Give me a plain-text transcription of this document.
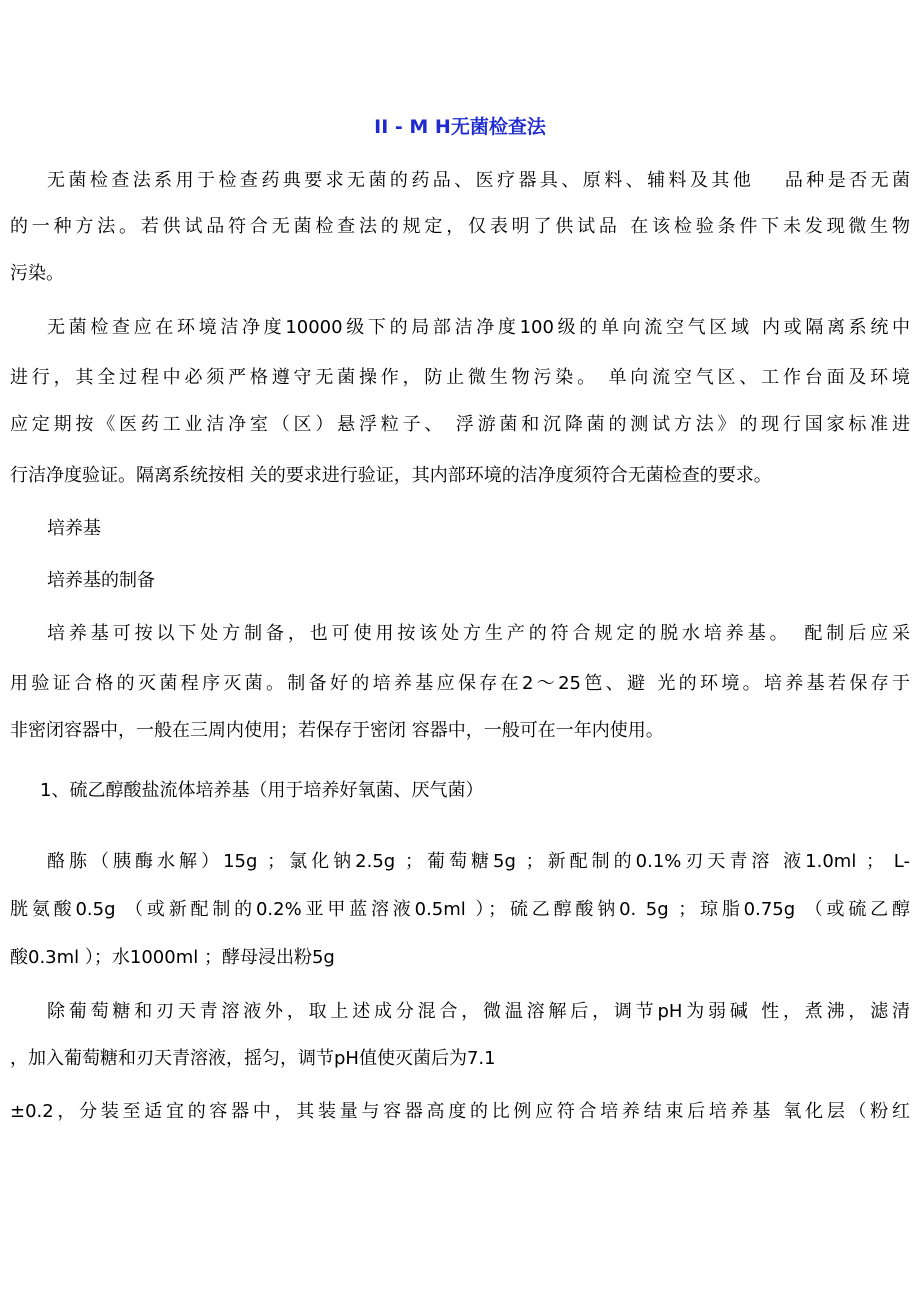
II - M H无菌检查法
无菌检查法系用于检查药典要求无菌的药品、医疗器具、原料、辅料及其他　 品种是否无菌
的一种方法。若供试品符合无菌检查法的规定，仅表明了供试品 在该检验条件下未发现微生物
污染。
无菌检查应在环境洁净度10000级下的局部洁净度100级的单向流空气区域 内或隔离系统中
进行，其全过程中必须严格遵守无菌操作，防止微生物污染。 单向流空气区、工作台面及环境
应定期按《医药工业洁净室（区）悬浮粒子、 浮游菌和沉降菌的测试方法》的现行国家标准进
行洁净度验证。隔离系统按相 关的要求进行验证，其内部环境的洁净度须符合无菌检查的要求。
培养基
培养基的制备
培养基可按以下处方制备，也可使用按该处方生产的符合规定的脱水培养基。　配制后应采
用验证合格的灭菌程序灭菌。制备好的培养基应保存在2～25笆、避 光的环境。培养基若保存于
非密闭容器中，一般在三周内使用；若保存于密闭 容器中，一般可在一年内使用。
1、硫乙醇酸盐流体培养基（用于培养好氧菌、厌气菌）
酪胨（胰酶水解）15g ；氯化钠2.5g ；葡萄糖5g ；新配制的0.1%刃天青溶 液1.0ml ； L-
胱氨酸0.5g （或新配制的0.2%亚甲蓝溶液0.5ml ）；硫乙醇酸钠0. 5g ；琼脂0.75g （或硫乙醇
酸0.3ml ）；水1000ml ；酵母浸出粉5g
除葡萄糖和刃天青溶液外，取上述成分混合，微温溶解后，调节pH为弱碱 性，煮沸，滤清
，加入葡萄糖和刃天青溶液，摇匀，调节pH值使灭菌后为7.1
±0.2，分装至适宜的容器中，其装量与容器高度的比例应符合培养结束后培养基 氧化层（粉红
